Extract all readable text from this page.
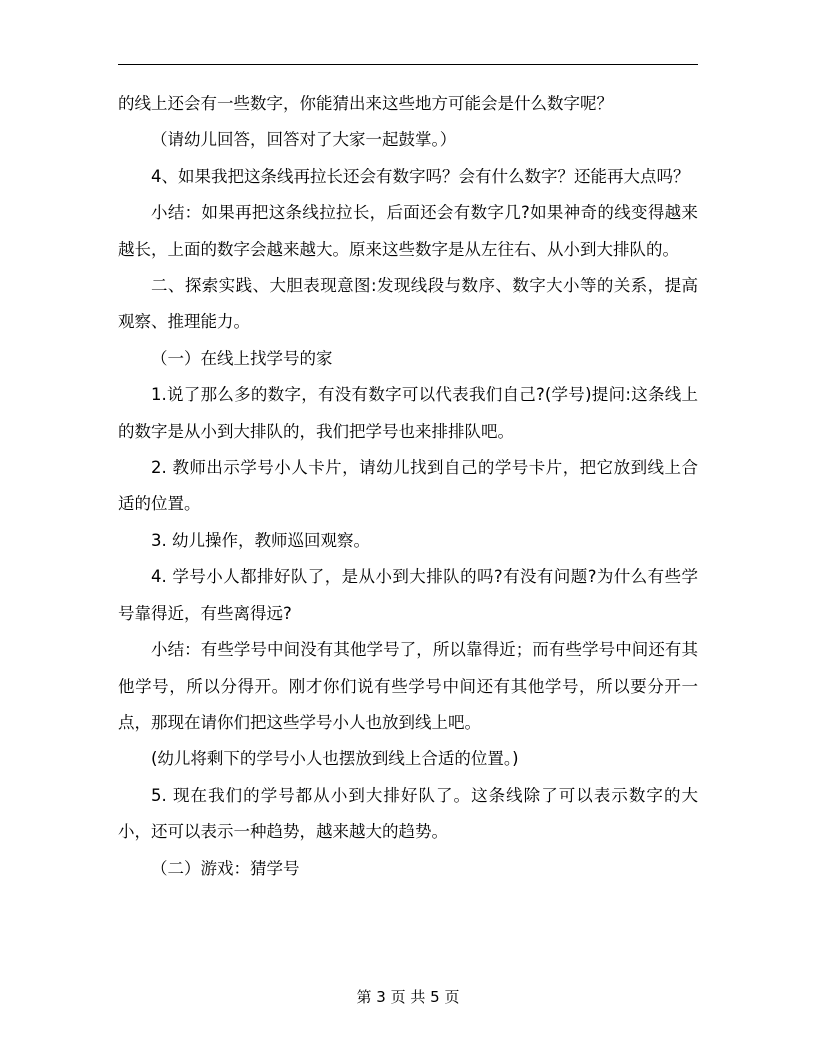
的线上还会有一些数字，你能猜出来这些地方可能会是什么数字呢？

（请幼儿回答，回答对了大家一起鼓掌。）

4、如果我把这条线再拉长还会有数字吗？会有什么数字？还能再大点吗？

小结：如果再把这条线拉拉长，后面还会有数字几?如果神奇的线变得越来越长，上面的数字会越来越大。原来这些数字是从左往右、从小到大排队的。

二、探索实践、大胆表现意图:发现线段与数序、数字大小等的关系，提高观察、推理能力。

（一）在线上找学号的家

1.说了那么多的数字，有没有数字可以代表我们自己?(学号)提问:这条线上的数字是从小到大排队的，我们把学号也来排排队吧。

2. 教师出示学号小人卡片，请幼儿找到自己的学号卡片，把它放到线上合适的位置。

3. 幼儿操作，教师巡回观察。

4. 学号小人都排好队了，是从小到大排队的吗?有没有问题?为什么有些学号靠得近，有些离得远?

小结：有些学号中间没有其他学号了，所以靠得近；而有些学号中间还有其他学号，所以分得开。刚才你们说有些学号中间还有其他学号，所以要分开一点，那现在请你们把这些学号小人也放到线上吧。

(幼儿将剩下的学号小人也摆放到线上合适的位置。)

5. 现在我们的学号都从小到大排好队了。这条线除了可以表示数字的大小，还可以表示一种趋势，越来越大的趋势。

（二）游戏：猜学号

第 3 页 共 5 页
